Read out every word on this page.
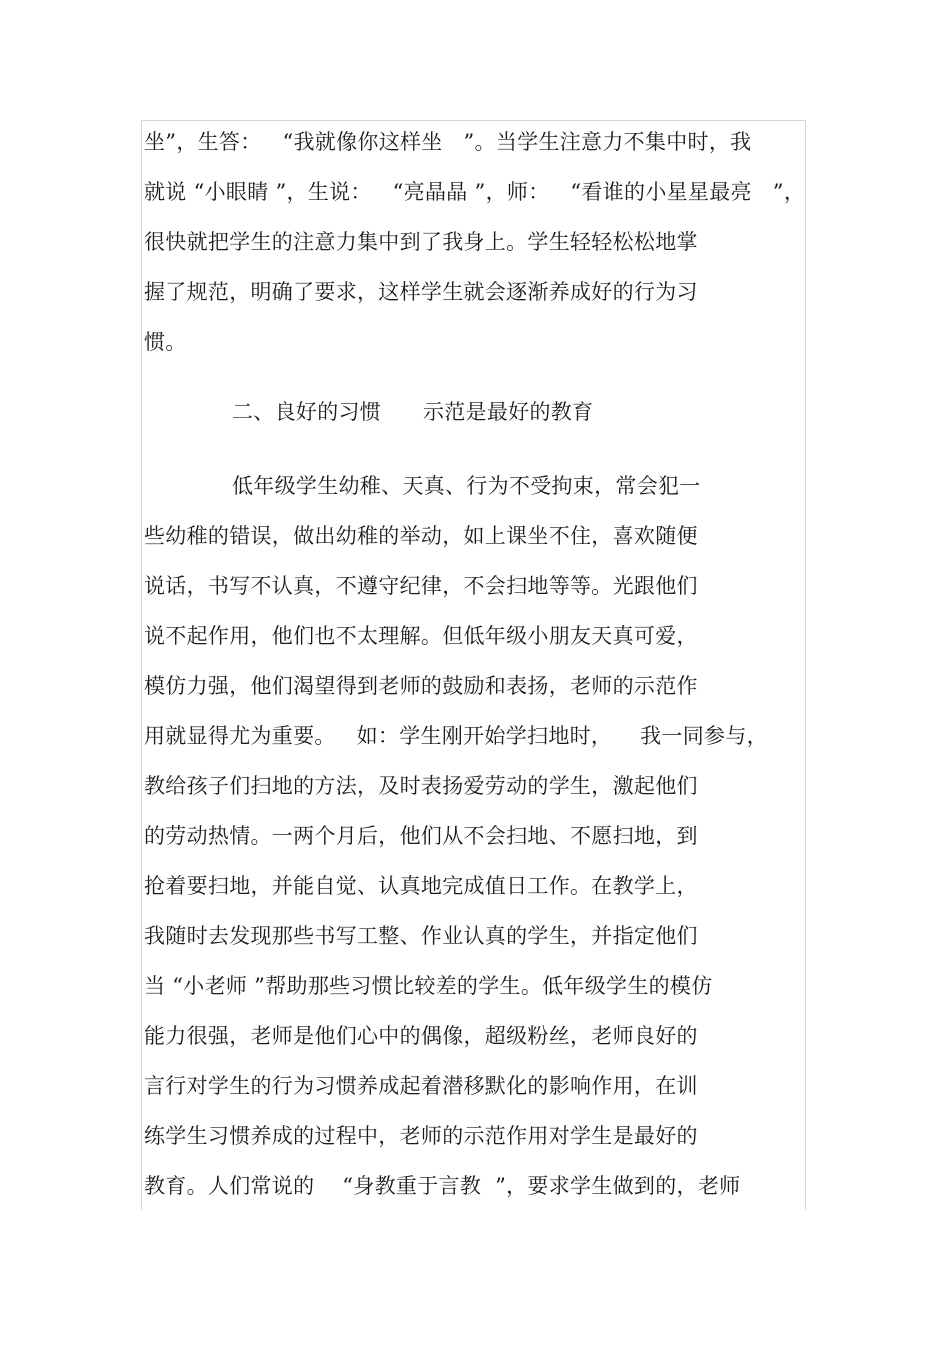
坐”，生答：   “我就像你这样坐   ”。当学生注意力不集中时，我
就说 “小眼睛 ”，生说：   “亮晶晶 ”，师：   “看谁的小星星最亮   ”，
很快就把学生的注意力集中到了我身上。学生轻轻松松地掌
握了规范，明确了要求，这样学生就会逐渐养成好的行为习
惯。
二、良好的习惯      示范是最好的教育
低年级学生幼稚、天真、行为不受拘束，常会犯一
些幼稚的错误，做出幼稚的举动，如上课坐不住，喜欢随便
说话，书写不认真，不遵守纪律，不会扫地等等。光跟他们
说不起作用，他们也不太理解。但低年级小朋友天真可爱，
模仿力强，他们渴望得到老师的鼓励和表扬，老师的示范作
用就显得尤为重要。   如：学生刚开始学扫地时，    我一同参与，
教给孩子们扫地的方法，及时表扬爱劳动的学生，激起他们
的劳动热情。一两个月后，他们从不会扫地、不愿扫地，到
抢着要扫地，并能自觉、认真地完成值日工作。在教学上，
我随时去发现那些书写工整、作业认真的学生，并指定他们
当 “小老师 ”帮助那些习惯比较差的学生。低年级学生的模仿
能力很强，老师是他们心中的偶像，超级粉丝，老师良好的
言行对学生的行为习惯养成起着潜移默化的影响作用，在训
练学生习惯养成的过程中，老师的示范作用对学生是最好的
教育。人们常说的    “身教重于言教  ”，要求学生做到的，老师
